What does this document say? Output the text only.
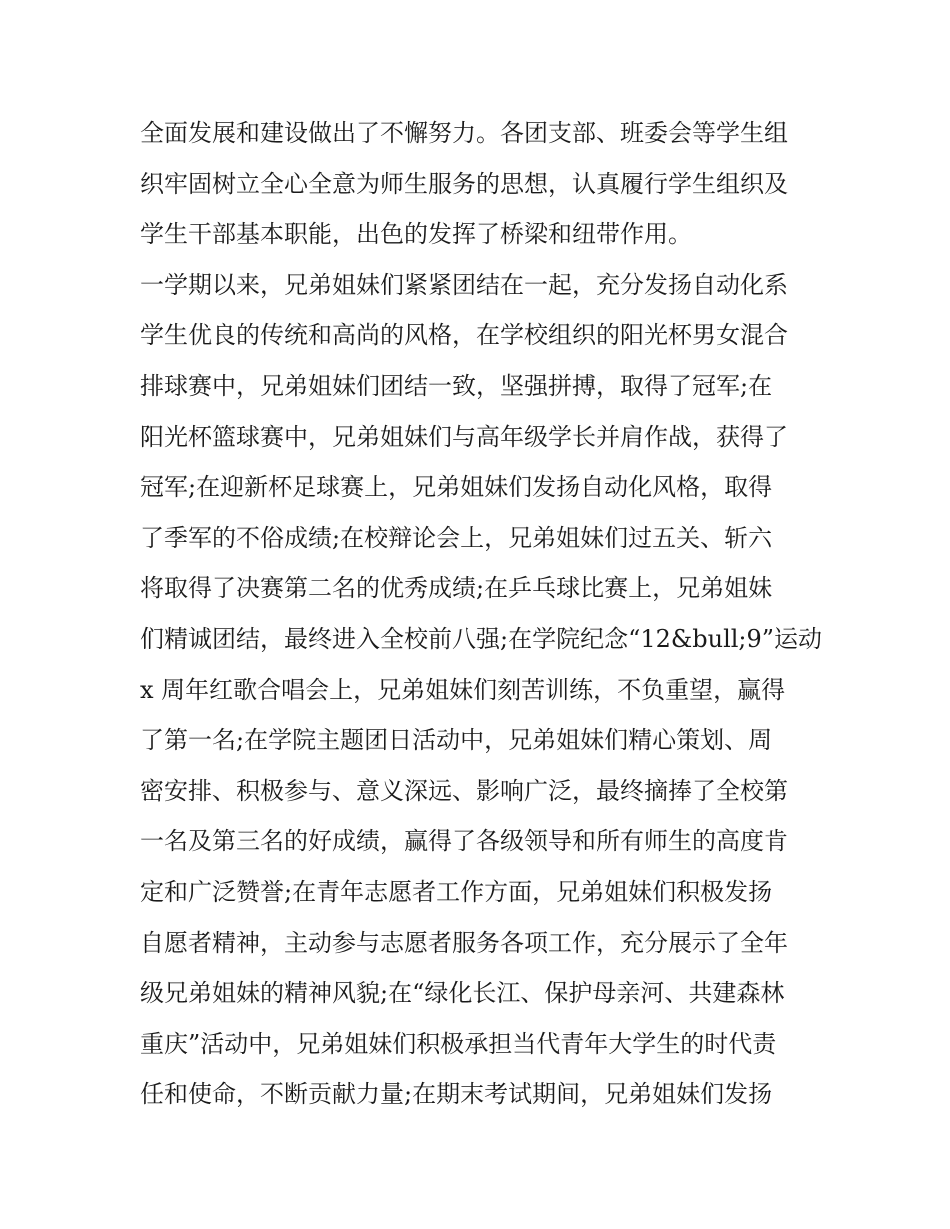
全面发展和建设做出了不懈努力。各团支部、班委会等学生组
织牢固树立全心全意为师生服务的思想，认真履行学生组织及
学生干部基本职能，出色的发挥了桥梁和纽带作用。
一学期以来，兄弟姐妹们紧紧团结在一起，充分发扬自动化系
学生优良的传统和高尚的风格，在学校组织的阳光杯男女混合
排球赛中，兄弟姐妹们团结一致，坚强拼搏，取得了冠军;在
阳光杯篮球赛中，兄弟姐妹们与高年级学长并肩作战，获得了
冠军;在迎新杯足球赛上，兄弟姐妹们发扬自动化风格，取得
了季军的不俗成绩;在校辩论会上，兄弟姐妹们过五关、斩六
将取得了决赛第二名的优秀成绩;在乒乓球比赛上，兄弟姐妹
们精诚团结，最终进入全校前八强;在学院纪念“12&bull;9”运动
x 周年红歌合唱会上，兄弟姐妹们刻苦训练，不负重望，赢得
了第一名;在学院主题团日活动中，兄弟姐妹们精心策划、周
密安排、积极参与、意义深远、影响广泛，最终摘捧了全校第
一名及第三名的好成绩，赢得了各级领导和所有师生的高度肯
定和广泛赞誉;在青年志愿者工作方面，兄弟姐妹们积极发扬
自愿者精神，主动参与志愿者服务各项工作，充分展示了全年
级兄弟姐妹的精神风貌;在“绿化长江、保护母亲河、共建森林
重庆”活动中，兄弟姐妹们积极承担当代青年大学生的时代责
任和使命，不断贡献力量;在期末考试期间，兄弟姐妹们发扬
